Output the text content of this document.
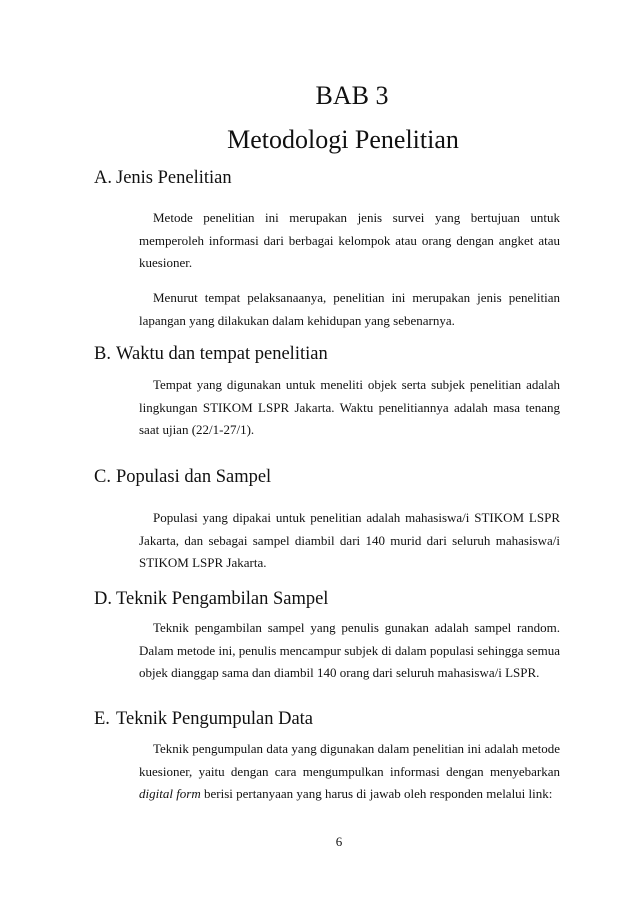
BAB 3
Metodologi Penelitian
A. Jenis Penelitian

Metode penelitian ini merupakan jenis survei yang bertujuan untuk memperoleh informasi dari berbagai kelompok atau orang dengan angket atau kuesioner.

Menurut tempat pelaksanaanya, penelitian ini merupakan jenis penelitian lapangan yang dilakukan dalam kehidupan yang sebenarnya.

B. Waktu dan tempat penelitian

Tempat yang digunakan untuk meneliti objek serta subjek penelitian adalah lingkungan STIKOM LSPR Jakarta. Waktu penelitiannya adalah masa tenang saat ujian (22/1-27/1).

C. Populasi dan Sampel

Populasi yang dipakai untuk penelitian adalah mahasiswa/i STIKOM LSPR Jakarta, dan sebagai sampel diambil dari 140 murid dari seluruh mahasiswa/i STIKOM LSPR Jakarta.

D. Teknik Pengambilan Sampel

Teknik pengambilan sampel yang penulis gunakan adalah sampel random. Dalam metode ini, penulis mencampur subjek di dalam populasi sehingga semua objek dianggap sama dan diambil 140 orang dari seluruh mahasiswa/i LSPR.

E. Teknik Pengumpulan Data

Teknik pengumpulan data yang digunakan dalam penelitian ini adalah metode kuesioner, yaitu dengan cara mengumpulkan informasi dengan menyebarkan digital form berisi pertanyaan yang harus di jawab oleh responden melalui link:

6
